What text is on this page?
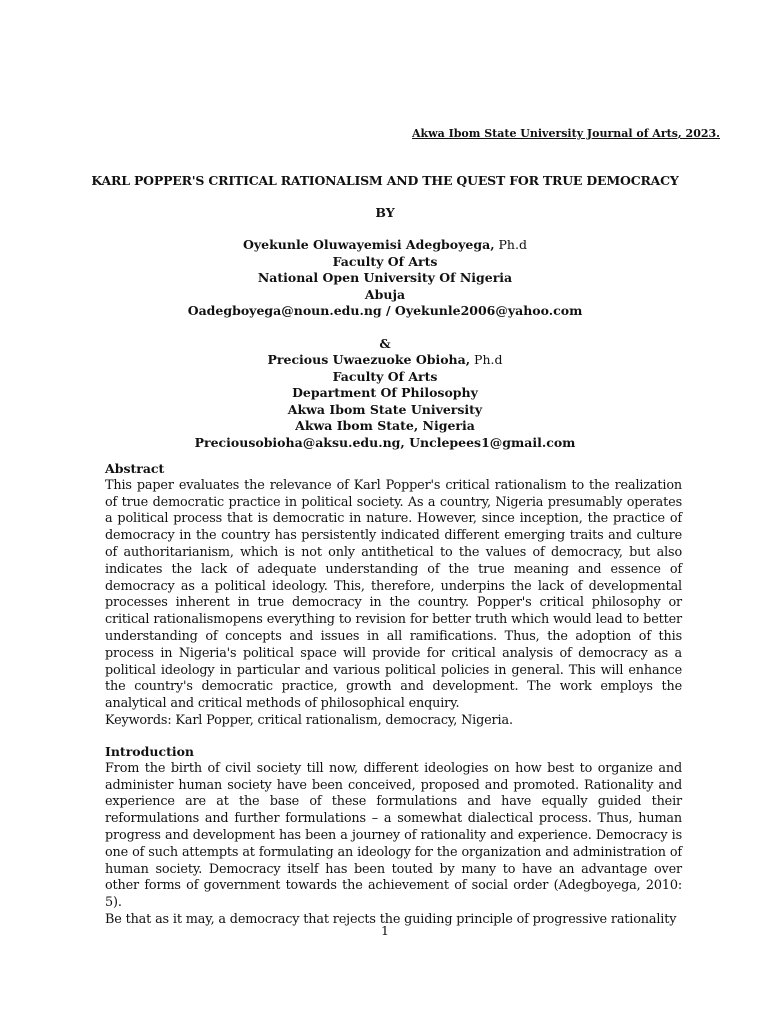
Akwa Ibom State University Journal of Arts, 2023.
KARL POPPER'S CRITICAL RATIONALISM AND THE QUEST FOR TRUE DEMOCRACY
BY
Oyekunle Oluwayemisi Adegboyega, Ph.d
Faculty Of Arts
National Open University Of Nigeria
Abuja
Oadegboyega@noun.edu.ng / Oyekunle2006@yahoo.com
&
Precious Uwaezuoke Obioha, Ph.d
Faculty Of Arts
Department Of Philosophy
Akwa Ibom State University
Akwa Ibom State, Nigeria
Preciousobioha@aksu.edu.ng, Unclepees1@gmail.com
Abstract

This paper evaluates the relevance of Karl Popper's critical rationalism to the realization of true democratic practice in political society. As a country, Nigeria presumably operates a political process that is democratic in nature. However, since inception, the practice of democracy in the country has persistently indicated different emerging traits and culture of authoritarianism, which is not only antithetical to the values of democracy, but also indicates the lack of adequate understanding of the true meaning and essence of democracy as a political ideology. This, therefore, underpins the lack of developmental processes inherent in true democracy in the country. Popper's critical philosophy or critical rationalismopens everything to revision for better truth which would lead to better understanding of concepts and issues in all ramifications. Thus, the adoption of this process in Nigeria's political space will provide for critical analysis of democracy as a political ideology in particular and various political policies in general. This will enhance the country's democratic practice, growth and development. The work employs the analytical and critical methods of philosophical enquiry.

Keywords: Karl Popper, critical rationalism, democracy, Nigeria.

Introduction

From the birth of civil society till now, different ideologies on how best to organize and administer human society have been conceived, proposed and promoted. Rationality and experience are at the base of these formulations and have equally guided their reformulations and further formulations – a somewhat dialectical process. Thus, human progress and development has been a journey of rationality and experience. Democracy is one of such attempts at formulating an ideology for the organization and administration of human society. Democracy itself has been touted by many to have an advantage over other forms of government towards the achievement of social order (Adegboyega, 2010: 5).

Be that as it may, a democracy that rejects the guiding principle of progressive rationality

1
